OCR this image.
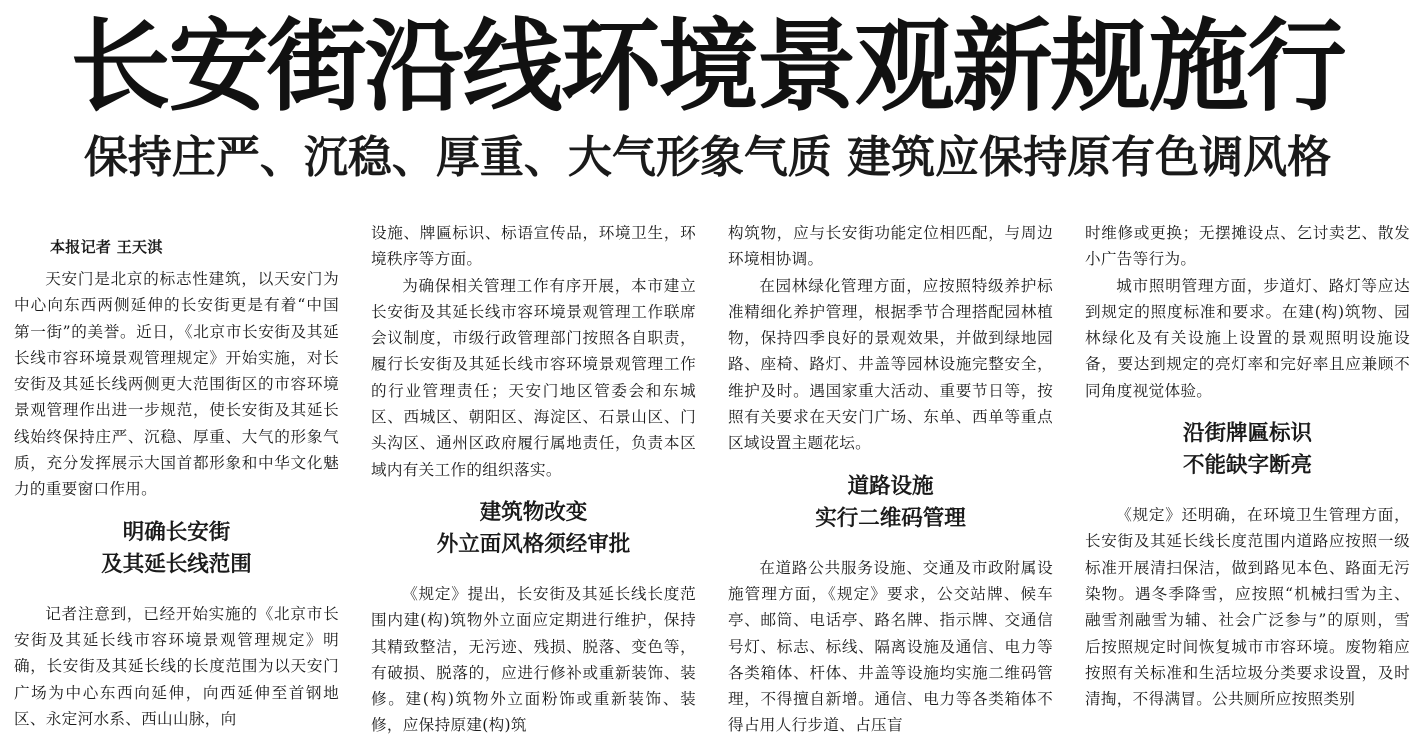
长安街沿线环境景观新规施行
保持庄严、沉稳、厚重、大气形象气质 建筑应保持原有色调风格
本报记者 王天淇

天安门是北京的标志性建筑，以天安门为中心向东西两侧延伸的长安街更是有着“中国第一街”的美誉。近日，《北京市长安街及其延长线市容环境景观管理规定》开始实施，对长安街及其延长线两侧更大范围街区的市容环境景观管理作出进一步规范，使长安街及其延长线始终保持庄严、沉稳、厚重、大气的形象气质，充分发挥展示大国首都形象和中华文化魅力的重要窗口作用。

明确长安街
及其延长线范围

记者注意到，已经开始实施的《北京市长安街及其延长线市容环境景观管理规定》明确，长安街及其延长线的长度范围为以天安门广场为中心东西向延伸，向西延伸至首钢地区、永定河水系、西山山脉，向

设施、牌匾标识、标语宣传品，环境卫生，环境秩序等方面。

为确保相关管理工作有序开展，本市建立长安街及其延长线市容环境景观管理工作联席会议制度，市级行政管理部门按照各自职责，履行长安街及其延长线市容环境景观管理工作的行业管理责任；天安门地区管委会和东城区、西城区、朝阳区、海淀区、石景山区、门头沟区、通州区政府履行属地责任，负责本区域内有关工作的组织落实。

建筑物改变
外立面风格须经审批

《规定》提出，长安街及其延长线长度范围内建(构)筑物外立面应定期进行维护，保持其精致整洁，无污迹、残损、脱落、变色等，有破损、脱落的，应进行修补或重新装饰、装修。建(构)筑物外立面粉饰或重新装饰、装修，应保持原建(构)筑

构筑物，应与长安街功能定位相匹配，与周边环境相协调。

在园林绿化管理方面，应按照特级养护标准精细化养护管理，根据季节合理搭配园林植物，保持四季良好的景观效果，并做到绿地园路、座椅、路灯、井盖等园林设施完整安全，维护及时。遇国家重大活动、重要节日等，按照有关要求在天安门广场、东单、西单等重点区域设置主题花坛。

道路设施
实行二维码管理

在道路公共服务设施、交通及市政附属设施管理方面，《规定》要求，公交站牌、候车亭、邮筒、电话亭、路名牌、指示牌、交通信号灯、标志、标线、隔离设施及通信、电力等各类箱体、杆体、井盖等设施均实施二维码管理，不得擅自新增。通信、电力等各类箱体不得占用人行步道、占压盲

时维修或更换；无摆摊设点、乞讨卖艺、散发小广告等行为。

城市照明管理方面，步道灯、路灯等应达到规定的照度标准和要求。在建(构)筑物、园林绿化及有关设施上设置的景观照明设施设备，要达到规定的亮灯率和完好率且应兼顾不同角度视觉体验。

沿街牌匾标识
不能缺字断亮

《规定》还明确，在环境卫生管理方面，长安街及其延长线长度范围内道路应按照一级标准开展清扫保洁，做到路见本色、路面无污染物。遇冬季降雪，应按照“机械扫雪为主、融雪剂融雪为辅、社会广泛参与”的原则，雪后按照规定时间恢复城市市容环境。废物箱应按照有关标准和生活垃圾分类要求设置，及时清掏，不得满冒。公共厕所应按照类别
